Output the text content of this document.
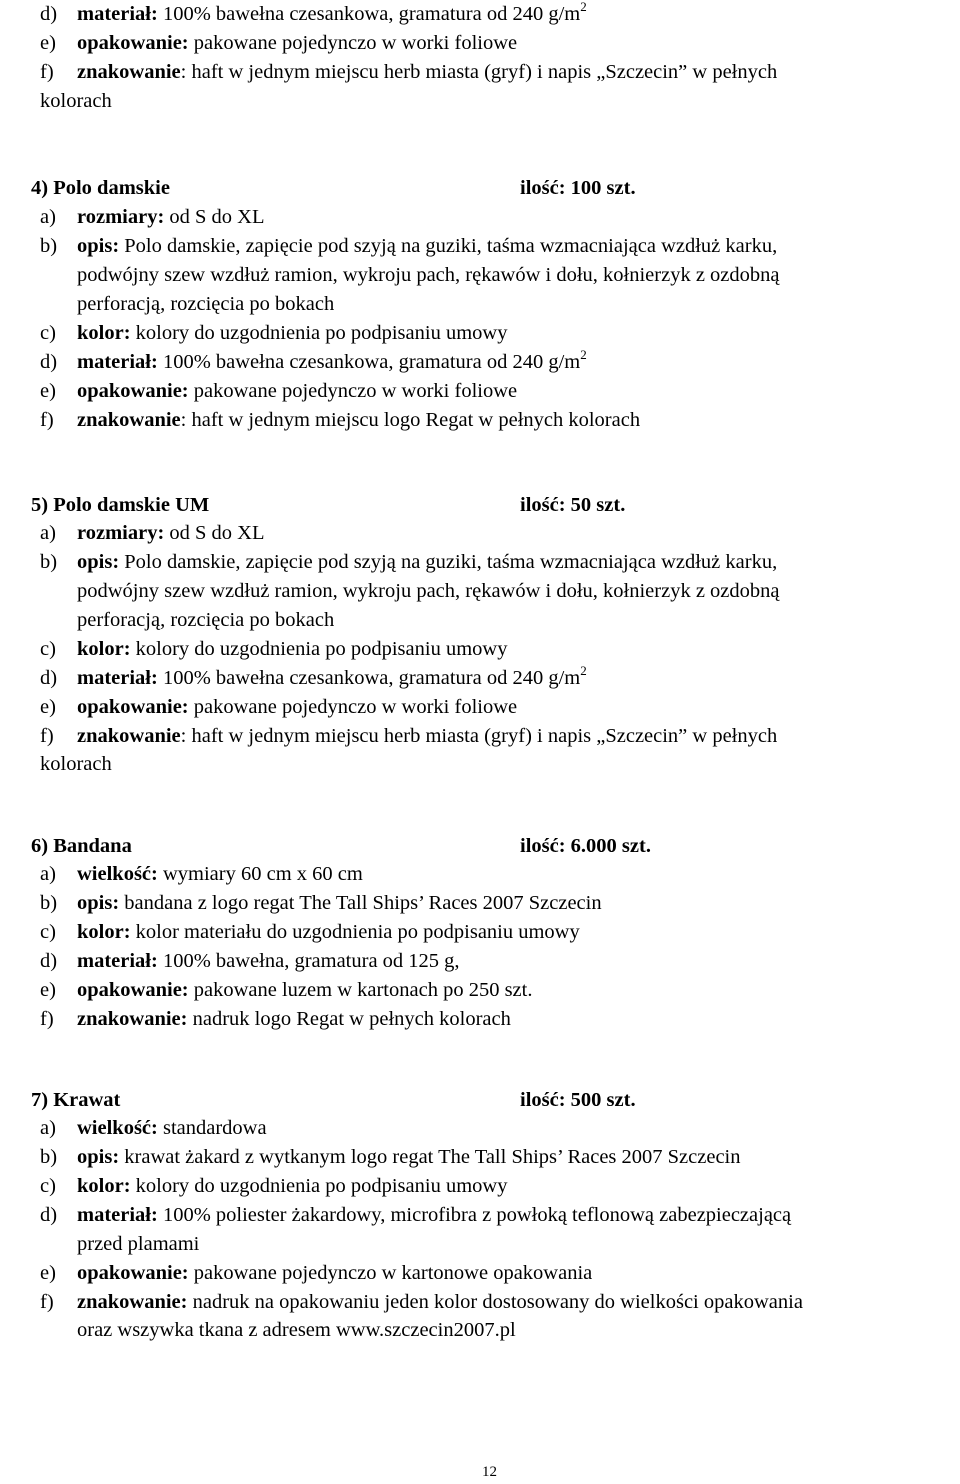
d) materiał: 100% bawełna czesankowa, gramatura od 240 $g/m^2$
e) opakowanie: pakowane pojedynczo w worki foliowe
f) znakowanie: haft w jednym miejscu herb miasta (gryf) i napis „Szczecin” w pełnych
kolorach
4) Polo damskie	ilość: 100 szt.
a) rozmiary: od S do XL
b) opis: Polo damskie, zapięcie pod szyją na guziki, taśma wzmacniająca wzdłuż karku,
podwójny szew wzdłuż ramion, wykroju pach, rękawów i dołu, kołnierzyk z ozdobną
perforacją, rozcięcia po bokach
c) kolor: kolory do uzgodnienia po podpisaniu umowy
d) materiał: 100% bawełna czesankowa, gramatura od 240 $g/m^2$
e) opakowanie: pakowane pojedynczo w worki foliowe
f) znakowanie: haft w jednym miejscu logo Regat w pełnych kolorach
5) Polo damskie UM	ilość: 50 szt.
a) rozmiary: od S do XL
b) opis: Polo damskie, zapięcie pod szyją na guziki, taśma wzmacniająca wzdłuż karku,
podwójny szew wzdłuż ramion, wykroju pach, rękawów i dołu, kołnierzyk z ozdobną
perforacją, rozcięcia po bokach
c) kolor: kolory do uzgodnienia po podpisaniu umowy
d) materiał: 100% bawełna czesankowa, gramatura od 240 $g/m^2$
e) opakowanie: pakowane pojedynczo w worki foliowe
f) znakowanie: haft w jednym miejscu herb miasta (gryf) i napis „Szczecin” w pełnych
kolorach
6) Bandana	ilość: 6.000 szt.
a) wielkość: wymiary 60 cm x 60 cm
b) opis: bandana z logo regat The Tall Ships’ Races 2007 Szczecin
c) kolor: kolor materiału do uzgodnienia po podpisaniu umowy
d) materiał: 100% bawełna, gramatura od 125 g,
e) opakowanie: pakowane luzem w kartonach po 250 szt.
f) znakowanie: nadruk logo Regat w pełnych kolorach
7) Krawat	ilość: 500 szt.
a) wielkość: standardowa
b) opis: krawat żakard z wytkanym logo regat The Tall Ships’ Races 2007 Szczecin
c) kolor: kolory do uzgodnienia po podpisaniu umowy
d) materiał: 100% poliester żakardowy, microfibra z powłoką teflonową zabezpieczającą
przed plamami
e) opakowanie: pakowane pojedynczo w kartonowe opakowania
f) znakowanie: nadruk na opakowaniu jeden kolor dostosowany do wielkości opakowania
oraz wszywka tkana z adresem www.szczecin2007.pl
12
